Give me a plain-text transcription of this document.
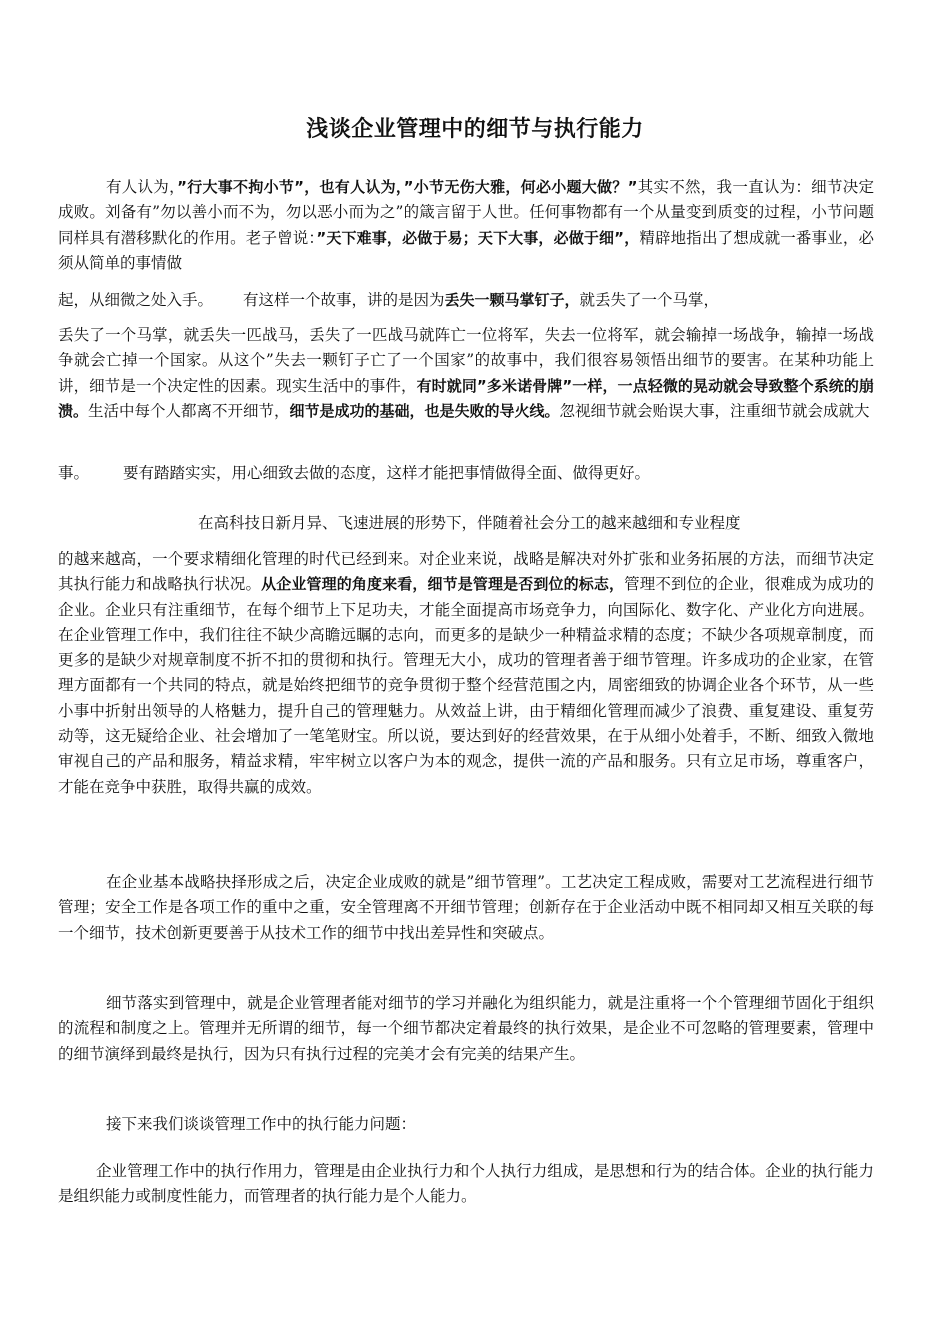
浅谈企业管理中的细节与执行能力
有人认为，”行大事不拘小节”，也有人认为，”小节无伤大雅，何必小题大做？”其实不然，我一直认为：细节决定成败。刘备有”勿以善小而不为，勿以恶小而为之”的箴言留于人世。任何事物都有一个从量变到质变的过程，小节问题同样具有潜移默化的作用。老子曾说：”天下难事，必做于易；天下大事，必做于细”，精辟地指出了想成就一番事业，必须从简单的事情做
起，从细微之处入手。 有这样一个故事，讲的是因为丢失一颗马掌钉子，就丢失了一个马掌，
丢失了一个马掌，就丢失一匹战马，丢失了一匹战马就阵亡一位将军，失去一位将军，就会输掉一场战争，输掉一场战争就会亡掉一个国家。从这个”失去一颗钉子亡了一个国家”的故事中，我们很容易领悟出细节的要害。在某种功能上讲，细节是一个决定性的因素。现实生活中的事件，有时就同”多米诺骨牌”一样，一点轻微的晃动就会导致整个系统的崩溃。生活中每个人都离不开细节，细节是成功的基础，也是失败的导火线。忽视细节就会贻误大事，注重细节就会成就大
事。 要有踏踏实实，用心细致去做的态度，这样才能把事情做得全面、做得更好。
在高科技日新月异、飞速进展的形势下，伴随着社会分工的越来越细和专业程度
的越来越高，一个要求精细化管理的时代已经到来。对企业来说，战略是解决对外扩张和业务拓展的方法，而细节决定其执行能力和战略执行状况。从企业管理的角度来看，细节是管理是否到位的标志，管理不到位的企业，很难成为成功的企业。企业只有注重细节，在每个细节上下足功夫，才能全面提高市场竞争力，向国际化、数字化、产业化方向进展。在企业管理工作中，我们往往不缺少高瞻远瞩的志向，而更多的是缺少一种精益求精的态度；不缺少各项规章制度，而更多的是缺少对规章制度不折不扣的贯彻和执行。管理无大小，成功的管理者善于细节管理。许多成功的企业家，在管理方面都有一个共同的特点，就是始终把细节的竞争贯彻于整个经营范围之内，周密细致的协调企业各个环节，从一些小事中折射出领导的人格魅力，提升自己的管理魅力。从效益上讲，由于精细化管理而减少了浪费、重复建设、重复劳动等，这无疑给企业、社会增加了一笔笔财宝。所以说，要达到好的经营效果，在于从细小处着手，不断、细致入微地审视自己的产品和服务，精益求精，牢牢树立以客户为本的观念，提供一流的产品和服务。只有立足市场，尊重客户，才能在竞争中获胜，取得共赢的成效。
在企业基本战略抉择形成之后，决定企业成败的就是”细节管理”。工艺决定工程成败，需要对工艺流程进行细节管理；安全工作是各项工作的重中之重，安全管理离不开细节管理；创新存在于企业活动中既不相同却又相互关联的每一个细节，技术创新更要善于从技术工作的细节中找出差异性和突破点。
细节落实到管理中，就是企业管理者能对细节的学习并融化为组织能力，就是注重将一个个管理细节固化于组织的流程和制度之上。管理并无所谓的细节，每一个细节都决定着最终的执行效果，是企业不可忽略的管理要素，管理中的细节演绎到最终是执行，因为只有执行过程的完美才会有完美的结果产生。
接下来我们谈谈管理工作中的执行能力问题：
企业管理工作中的执行作用力，管理是由企业执行力和个人执行力组成，是思想和行为的结合体。企业的执行能力是组织能力或制度性能力，而管理者的执行能力是个人能力。
